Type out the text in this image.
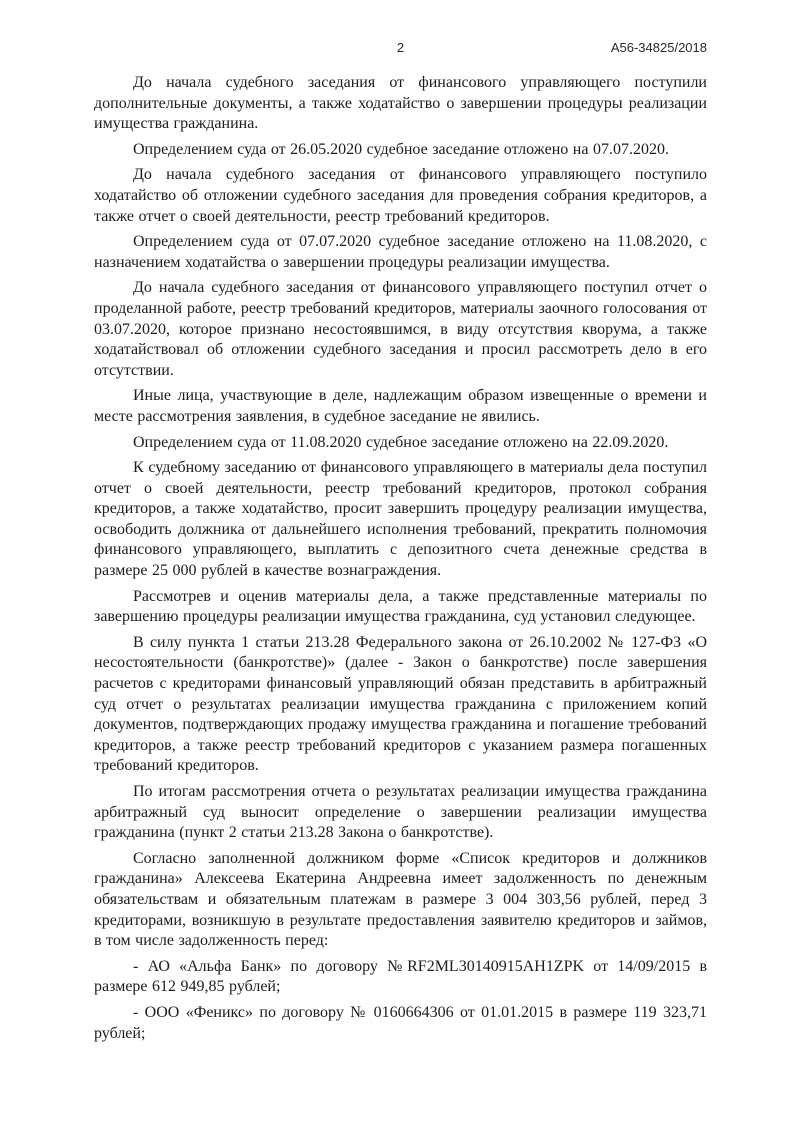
2	А56-34825/2018

До начала судебного заседания от финансового управляющего поступили дополнительные документы, а также ходатайство о завершении процедуры реализации имущества гражданина.

Определением суда от 26.05.2020 судебное заседание отложено на 07.07.2020.

До начала судебного заседания от финансового управляющего поступило ходатайство об отложении судебного заседания для проведения собрания кредиторов, а также отчет о своей деятельности, реестр требований кредиторов.

Определением суда от 07.07.2020 судебное заседание отложено на 11.08.2020, с назначением ходатайства о завершении процедуры реализации имущества.

До начала судебного заседания от финансового управляющего поступил отчет о проделанной работе, реестр требований кредиторов, материалы заочного голосования от 03.07.2020, которое признано несостоявшимся, в виду отсутствия кворума, а также ходатайствовал об отложении судебного заседания и просил рассмотреть дело в его отсутствии.

Иные лица, участвующие в деле, надлежащим образом извещенные о времени и месте рассмотрения заявления, в судебное заседание не явились.

Определением суда от 11.08.2020 судебное заседание отложено на 22.09.2020.

К судебному заседанию от финансового управляющего в материалы дела поступил отчет о своей деятельности, реестр требований кредиторов, протокол собрания кредиторов, а также ходатайство, просит завершить процедуру реализации имущества, освободить должника от дальнейшего исполнения требований, прекратить полномочия финансового управляющего, выплатить с депозитного счета денежные средства в размере 25 000 рублей в качестве вознаграждения.

Рассмотрев и оценив материалы дела, а также представленные материалы по завершению процедуры реализации имущества гражданина, суд установил следующее.

В силу пункта 1 статьи 213.28 Федерального закона от 26.10.2002 № 127-ФЗ «О несостоятельности (банкротстве)» (далее - Закон о банкротстве) после завершения расчетов с кредиторами финансовый управляющий обязан представить в арбитражный суд отчет о результатах реализации имущества гражданина с приложением копий документов, подтверждающих продажу имущества гражданина и погашение требований кредиторов, а также реестр требований кредиторов с указанием размера погашенных требований кредиторов.

По итогам рассмотрения отчета о результатах реализации имущества гражданина арбитражный суд выносит определение о завершении реализации имущества гражданина (пункт 2 статьи 213.28 Закона о банкротстве).

Согласно заполненной должником форме «Список кредиторов и должников гражданина» Алексеева Екатерина Андреевна имеет задолженность по денежным обязательствам и обязательным платежам в размере 3 004 303,56 рублей, перед 3 кредиторами, возникшую в результате предоставления заявителю кредиторов и займов, в том числе задолженность перед:

- АО «Альфа Банк» по договору №RF2ML30140915AH1ZPK от 14/09/2015 в размере 612 949,85 рублей;

- ООО «Феникс» по договору № 0160664306 от 01.01.2015 в размере 119 323,71 рублей;
